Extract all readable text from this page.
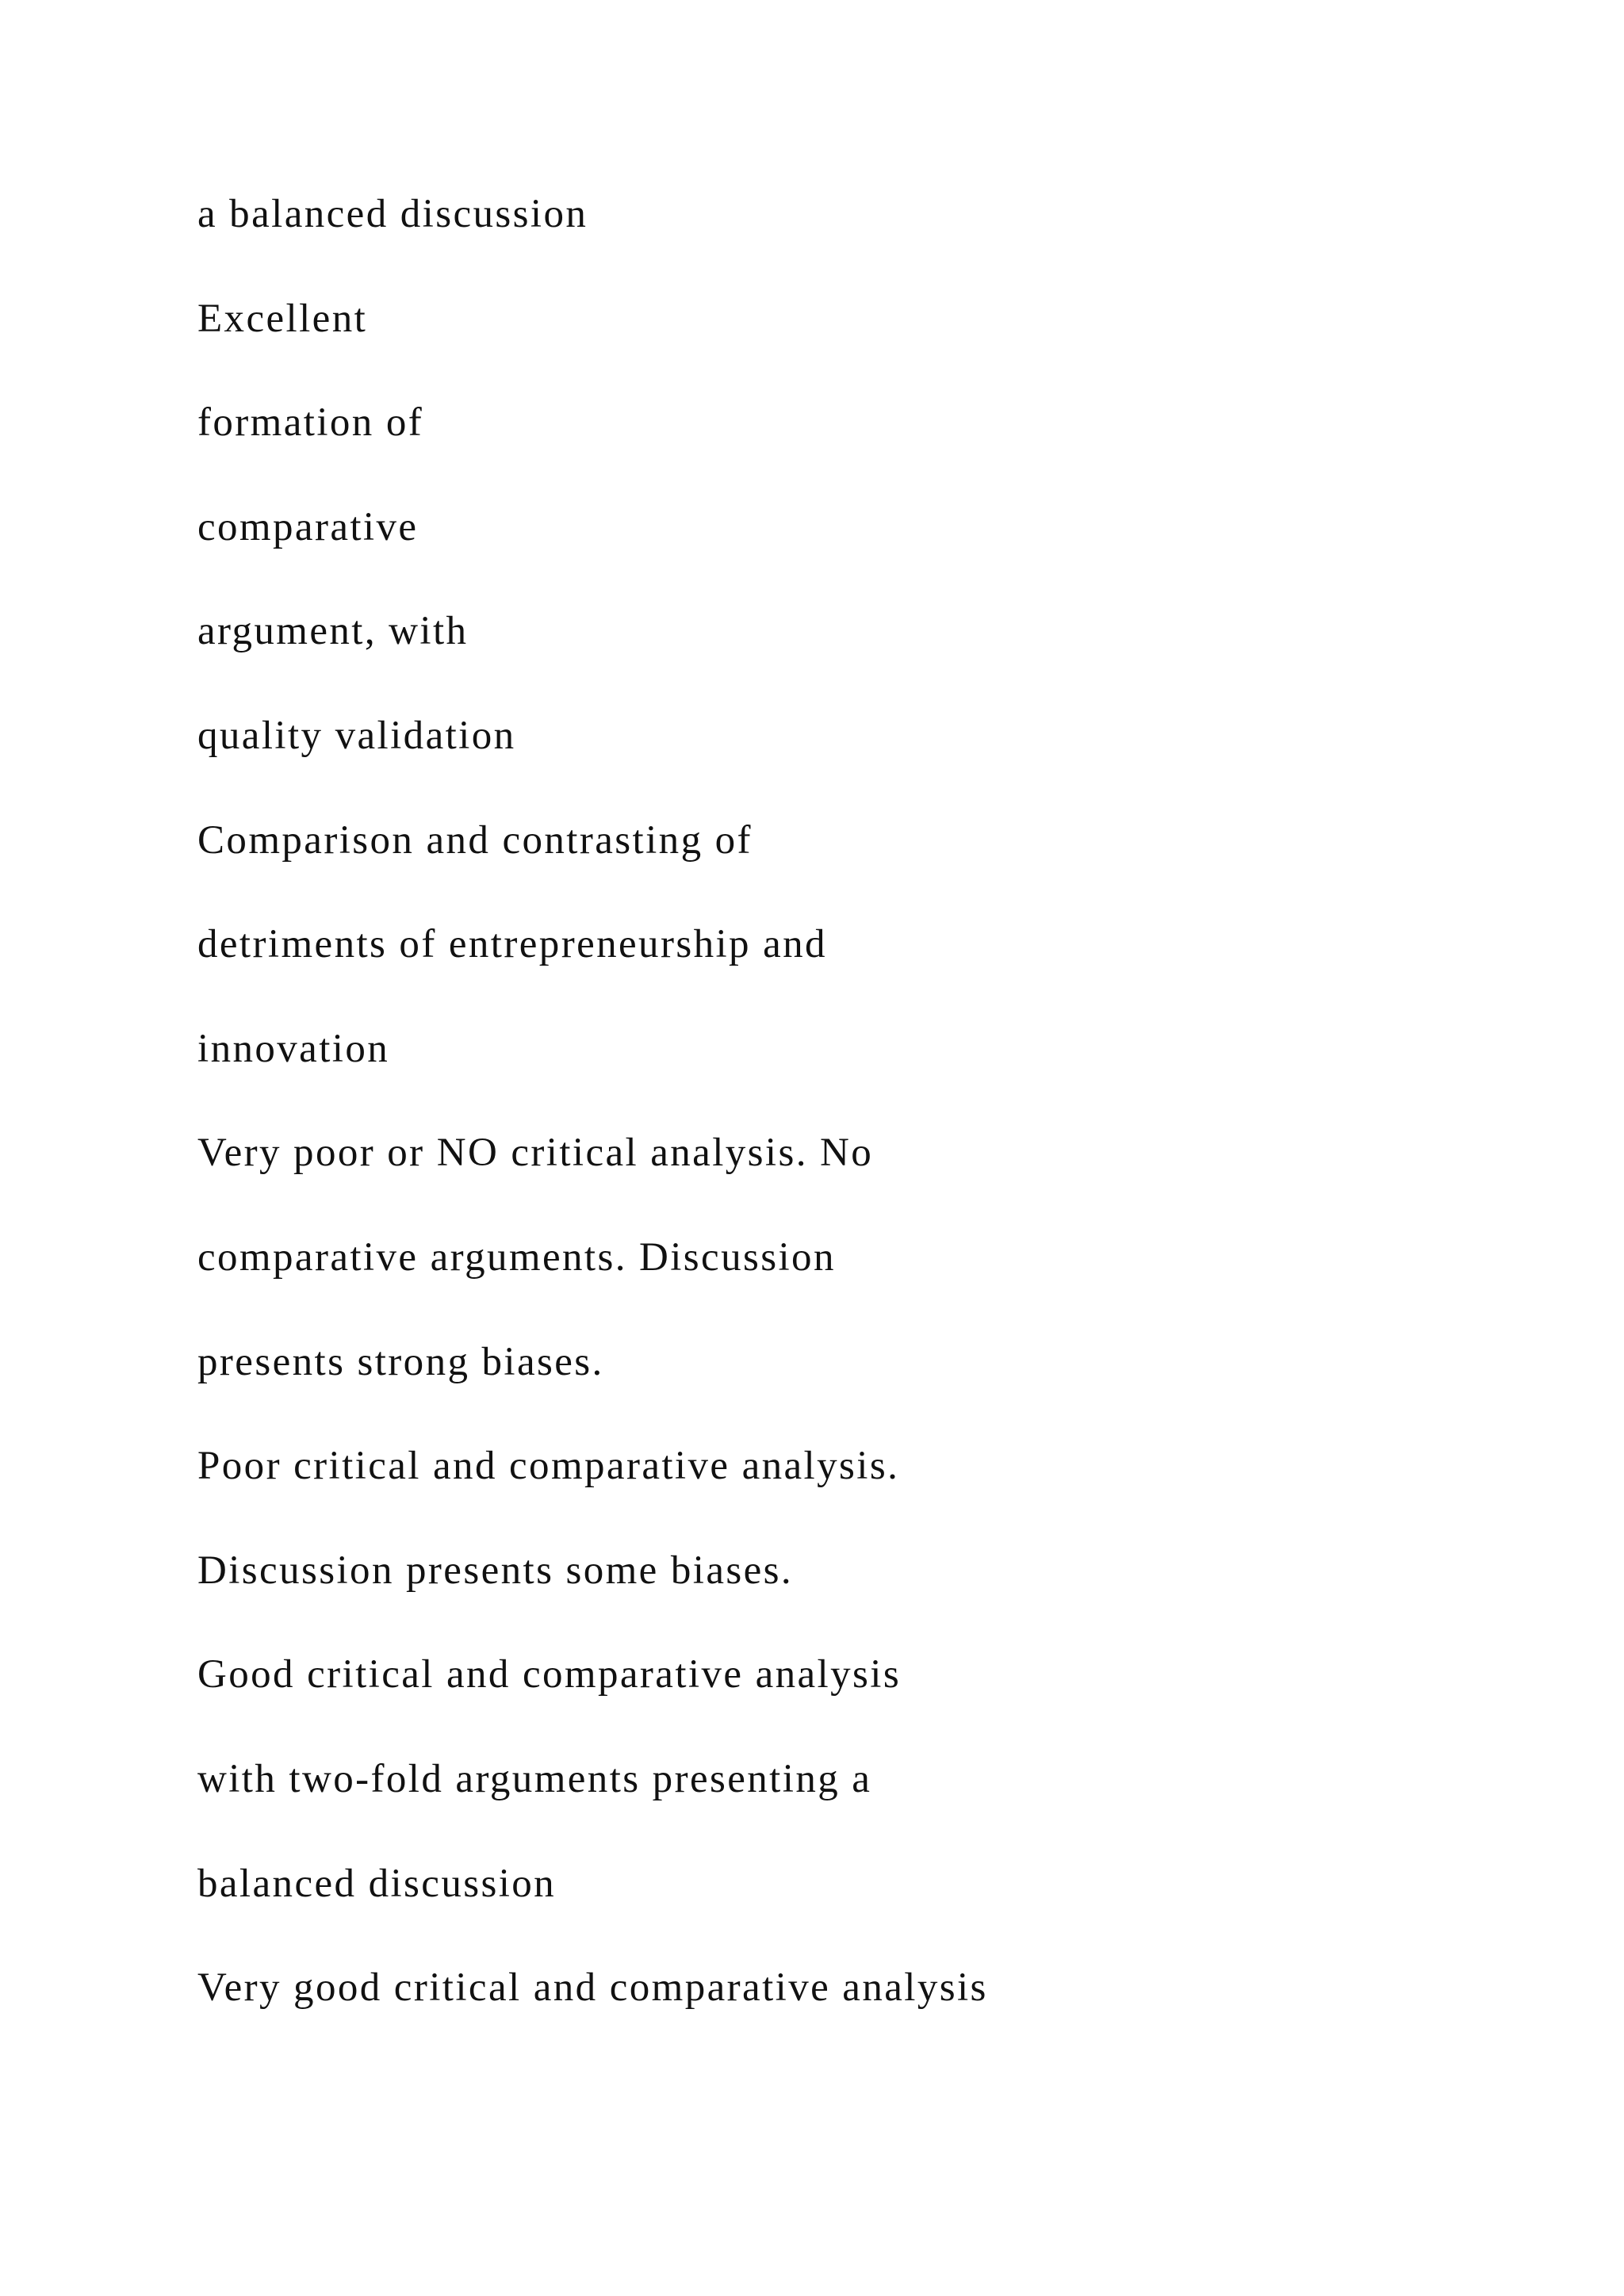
a balanced discussion
Excellent
formation of
comparative
argument, with
quality validation
Comparison and contrasting of
detriments of entrepreneurship and
innovation
Very poor or NO critical analysis. No
comparative arguments. Discussion
presents strong biases.
Poor critical and comparative analysis.
Discussion presents some biases.
Good critical and comparative analysis
with two-fold arguments presenting a
balanced discussion
Very good critical and comparative analysis
